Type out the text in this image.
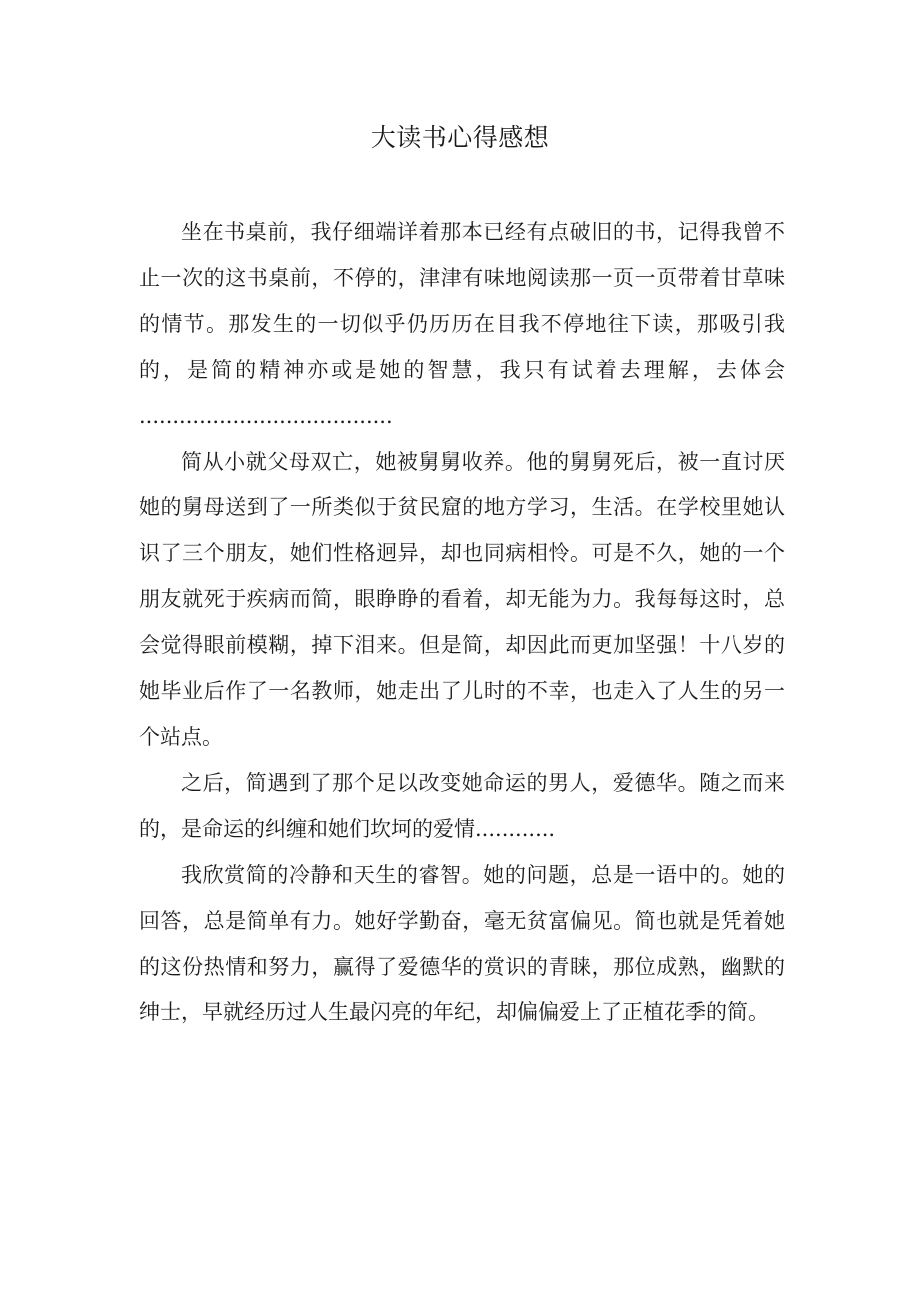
大读书心得感想

坐在书桌前，我仔细端详着那本已经有点破旧的书，记得我曾不止一次的这书桌前，不停的，津津有味地阅读那一页一页带着甘草味的情节。那发生的一切似乎仍历历在目我不停地往下读，那吸引我的，是简的精神亦或是她的智慧，我只有试着去理解，去体会 ......................................

简从小就父母双亡，她被舅舅收养。他的舅舅死后，被一直讨厌她的舅母送到了一所类似于贫民窟的地方学习，生活。在学校里她认识了三个朋友，她们性格迥异，却也同病相怜。可是不久，她的一个朋友就死于疾病而简，眼睁睁的看着，却无能为力。我每每这时，总会觉得眼前模糊，掉下泪来。但是简，却因此而更加坚强！十八岁的她毕业后作了一名教师，她走出了儿时的不幸，也走入了人生的另一个站点。

之后，简遇到了那个足以改变她命运的男人，爱德华。随之而来的，是命运的纠缠和她们坎坷的爱情............

我欣赏简的冷静和天生的睿智。她的问题，总是一语中的。她的回答，总是简单有力。她好学勤奋，毫无贫富偏见。简也就是凭着她的这份热情和努力，赢得了爱德华的赏识的青睐，那位成熟，幽默的绅士，早就经历过人生最闪亮的年纪，却偏偏爱上了正植花季的简。
